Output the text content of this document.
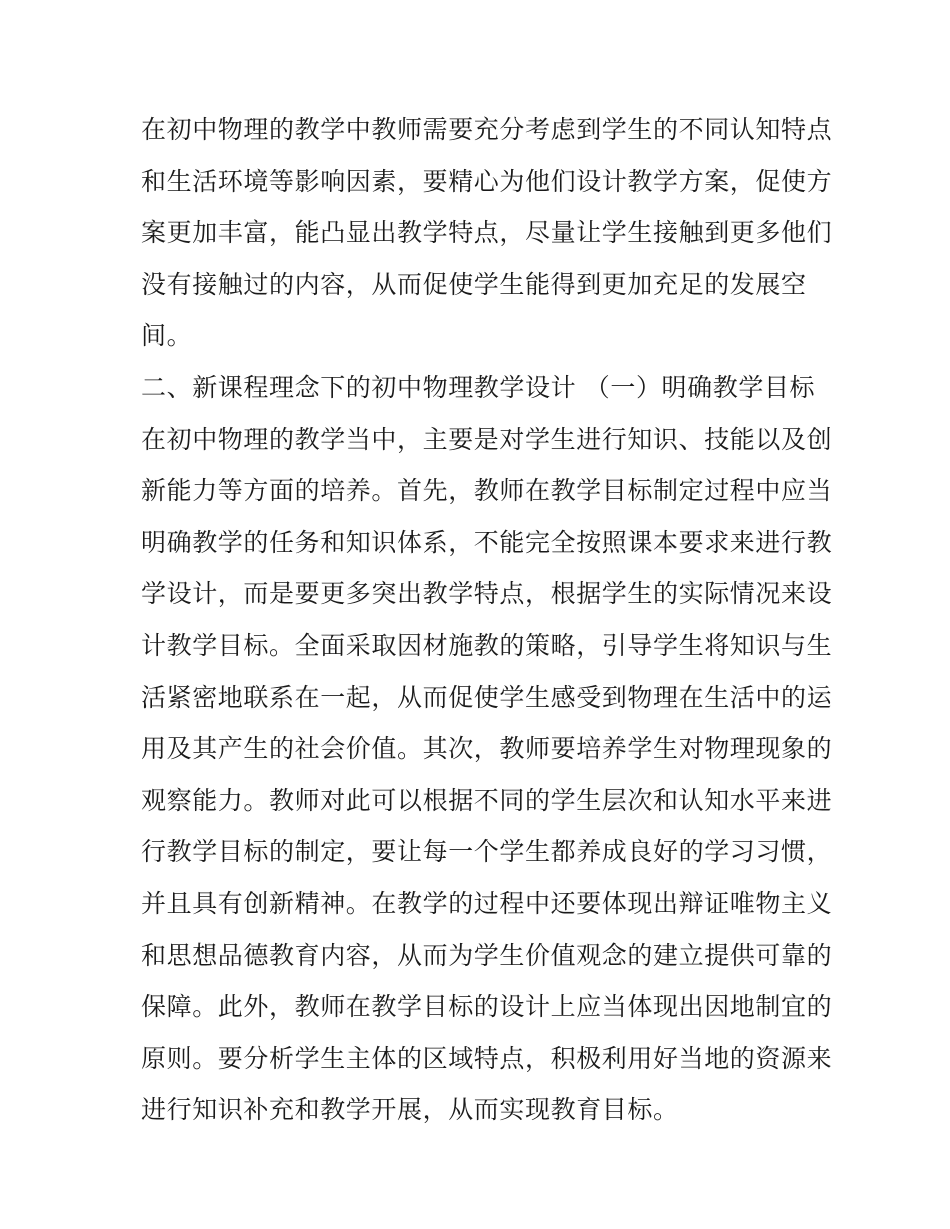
在初中物理的教学中教师需要充分考虑到学生的不同认知特点
和生活环境等影响因素，要精心为他们设计教学方案，促使方
案更加丰富，能凸显出教学特点，尽量让学生接触到更多他们
没有接触过的内容，从而促使学生能得到更加充足的发展空
间。
二、新课程理念下的初中物理教学设计 （一）明确教学目标
在初中物理的教学当中，主要是对学生进行知识、技能以及创
新能力等方面的培养。首先，教师在教学目标制定过程中应当
明确教学的任务和知识体系，不能完全按照课本要求来进行教
学设计，而是要更多突出教学特点，根据学生的实际情况来设
计教学目标。全面采取因材施教的策略，引导学生将知识与生
活紧密地联系在一起，从而促使学生感受到物理在生活中的运
用及其产生的社会价值。其次，教师要培养学生对物理现象的
观察能力。教师对此可以根据不同的学生层次和认知水平来进
行教学目标的制定，要让每一个学生都养成良好的学习习惯，
并且具有创新精神。在教学的过程中还要体现出辩证唯物主义
和思想品德教育内容，从而为学生价值观念的建立提供可靠的
保障。此外，教师在教学目标的设计上应当体现出因地制宜的
原则。要分析学生主体的区域特点，积极利用好当地的资源来
进行知识补充和教学开展，从而实现教育目标。
